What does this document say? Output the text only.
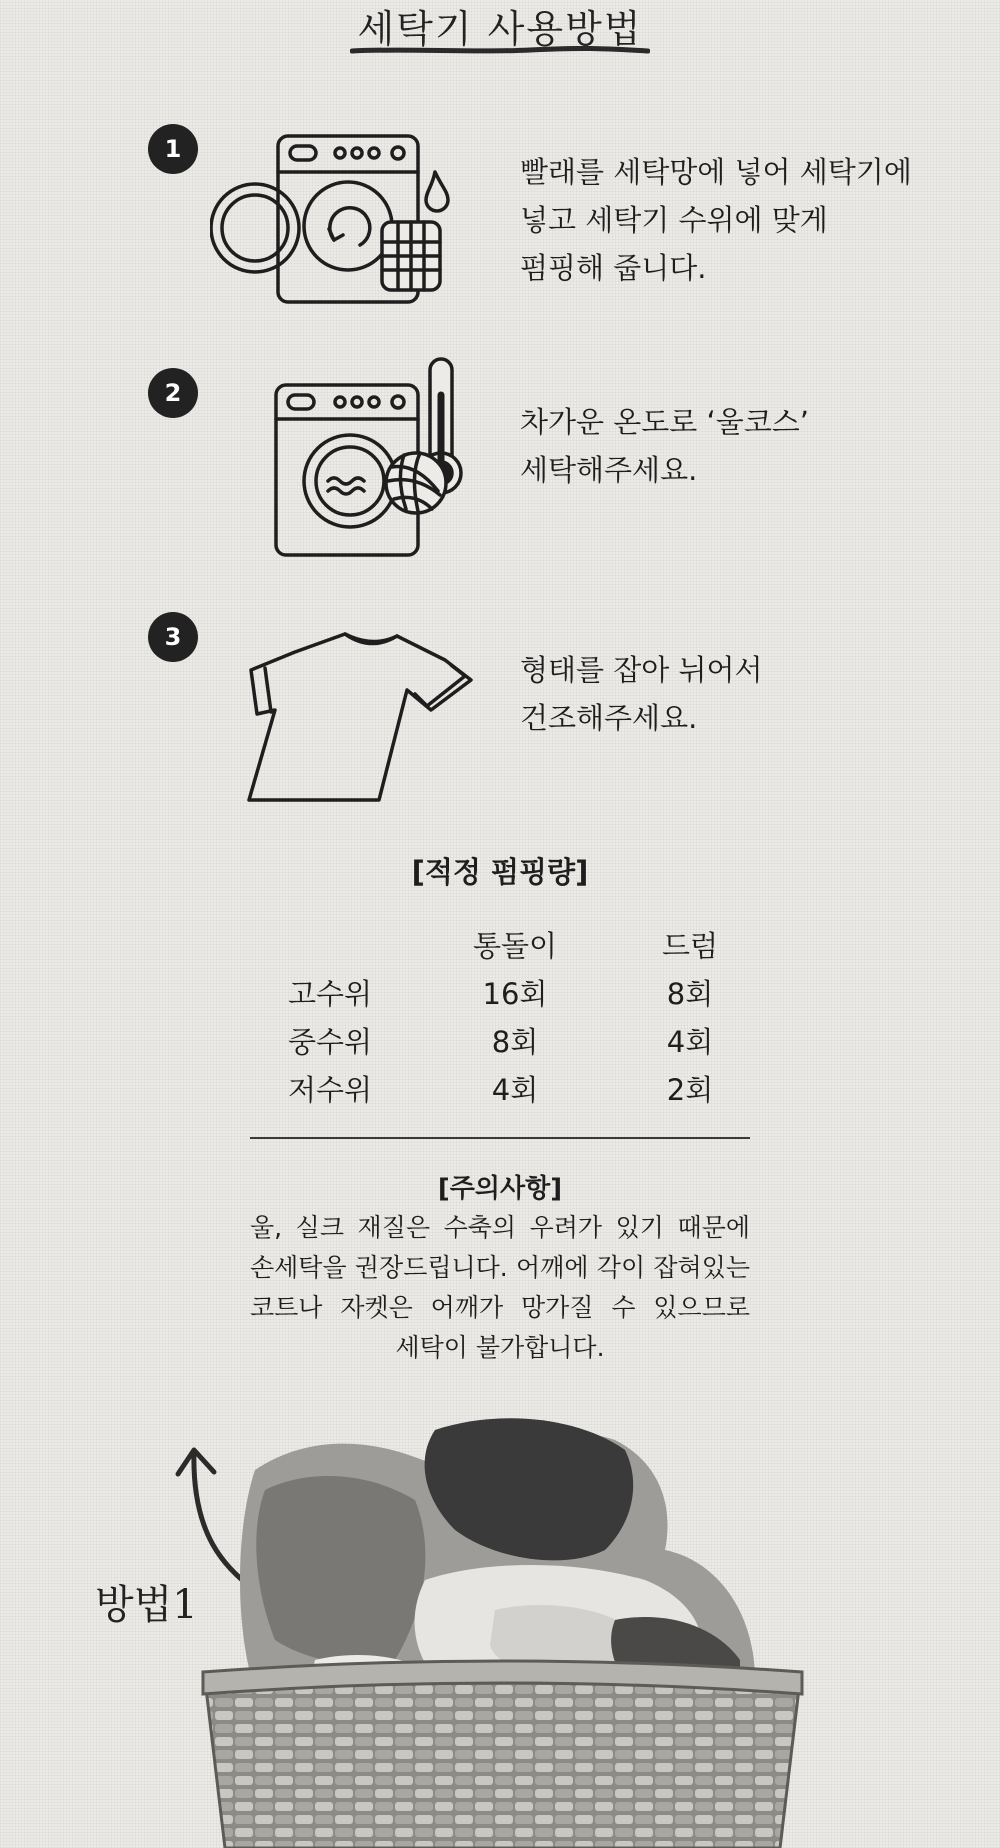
세탁기 사용방법
1
빨래를 세탁망에 넣어 세탁기에
넣고 세탁기 수위에 맞게
펌핑해 줍니다.
2
차가운 온도로 ‘울코스’
세탁해주세요.
3
형태를 잡아 뉘어서
건조해주세요.
[적정 펌핑량]
	통돌이	드럼
고수위	16회	8회
중수위	8회	4회
저수위	4회	2회
[주의사항]
울, 실크 재질은 수축의 우려가 있기 때문에
손세탁을 권장드립니다. 어깨에 각이 잡혀있는
코트나 자켓은 어깨가 망가질 수 있으므로
세탁이 불가합니다.
방법1
